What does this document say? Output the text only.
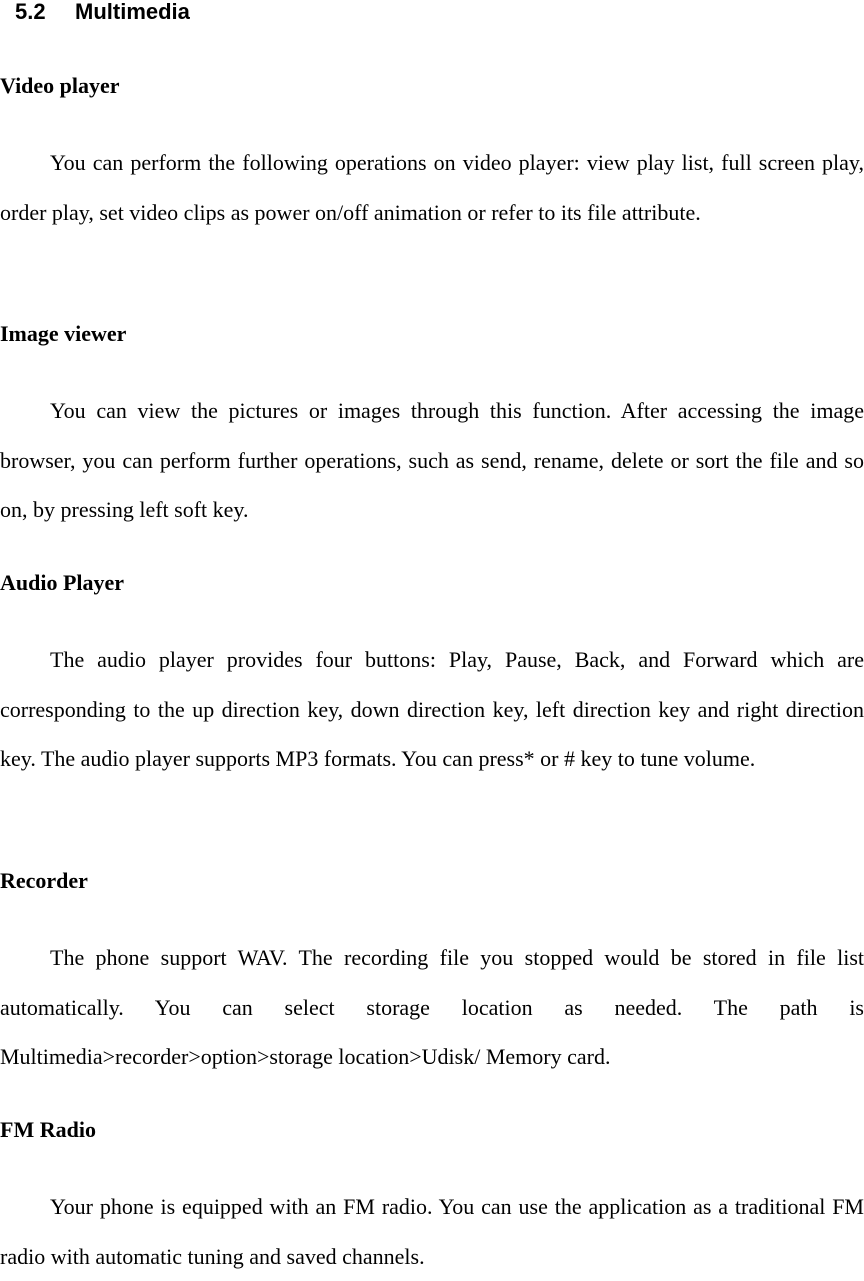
5.2 Multimedia
Video player

You can perform the following operations on video player: view play list, full screen play, order play, set video clips as power on/off animation or refer to its file attribute.

Image viewer

You can view the pictures or images through this function. After accessing the image browser, you can perform further operations, such as send, rename, delete or sort the file and so on, by pressing left soft key.

Audio Player

The audio player provides four buttons: Play, Pause, Back, and Forward which are corresponding to the up direction key, down direction key, left direction key and right direction key. The audio player supports MP3 formats. You can press* or # key to tune volume.

Recorder

The phone support WAV. The recording file you stopped would be stored in file list automatically. You can select storage location as needed. The path is Multimedia>recorder>option>storage location>Udisk/ Memory card.

FM Radio

Your phone is equipped with an FM radio. You can use the application as a traditional FM radio with automatic tuning and saved channels.
